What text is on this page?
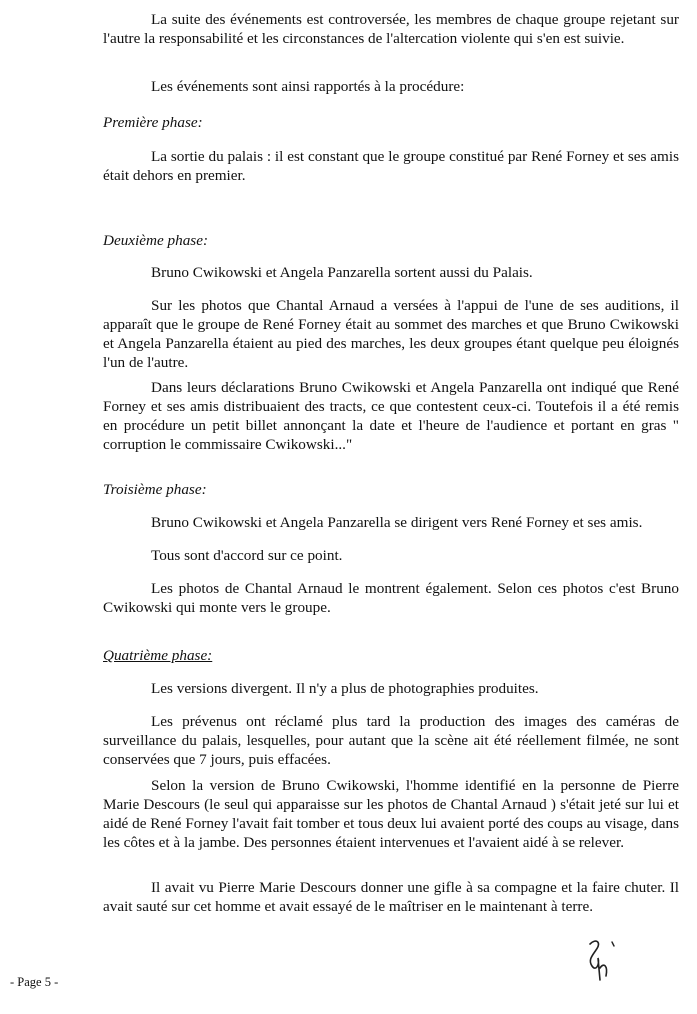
La suite des événements est controversée, les membres de chaque groupe rejetant sur l'autre la responsabilité et les circonstances de l'altercation violente qui s'en est suivie.

Les événements sont ainsi rapportés à la procédure:

Première phase:

La sortie du palais : il est constant que le groupe constitué par René Forney et ses amis était dehors en premier.

Deuxième phase:

Bruno Cwikowski et Angela Panzarella sortent aussi du Palais.

Sur les photos que Chantal Arnaud a versées à l'appui de l'une de ses auditions, il apparaît que le groupe de René Forney était au sommet des marches et que Bruno Cwikowski et Angela Panzarella étaient au pied des marches, les deux groupes étant quelque peu éloignés l'un de l'autre.

Dans leurs déclarations Bruno Cwikowski et Angela Panzarella ont indiqué que René Forney et ses amis distribuaient des tracts, ce que contestent ceux-ci. Toutefois il a été remis en procédure un petit billet annonçant la date et l'heure de l'audience et portant en gras " corruption le commissaire Cwikowski..."

Troisième phase:

Bruno Cwikowski et Angela Panzarella se dirigent vers René Forney et ses amis.

Tous sont d'accord sur ce point.

Les photos de Chantal Arnaud le montrent également. Selon ces photos c'est Bruno Cwikowski qui monte vers le groupe.

Quatrième phase:

Les versions divergent. Il n'y a plus de photographies produites.

Les prévenus ont réclamé plus tard la production des images des caméras de surveillance du palais, lesquelles, pour autant que la scène ait été réellement filmée, ne sont conservées que 7 jours, puis effacées.

Selon la version de Bruno Cwikowski, l'homme identifié en la personne de Pierre Marie Descours (le seul qui apparaisse sur les photos de Chantal Arnaud ) s'était jeté sur lui et aidé de René Forney l'avait fait tomber et tous deux lui avaient porté des coups au visage, dans les côtes et à la jambe. Des personnes étaient intervenues et l'avaient aidé à se relever.

Il avait vu Pierre Marie Descours donner une gifle à sa compagne et la faire chuter. Il avait sauté sur cet homme et avait essayé de le maîtriser en le maintenant à terre.

- Page 5 -
